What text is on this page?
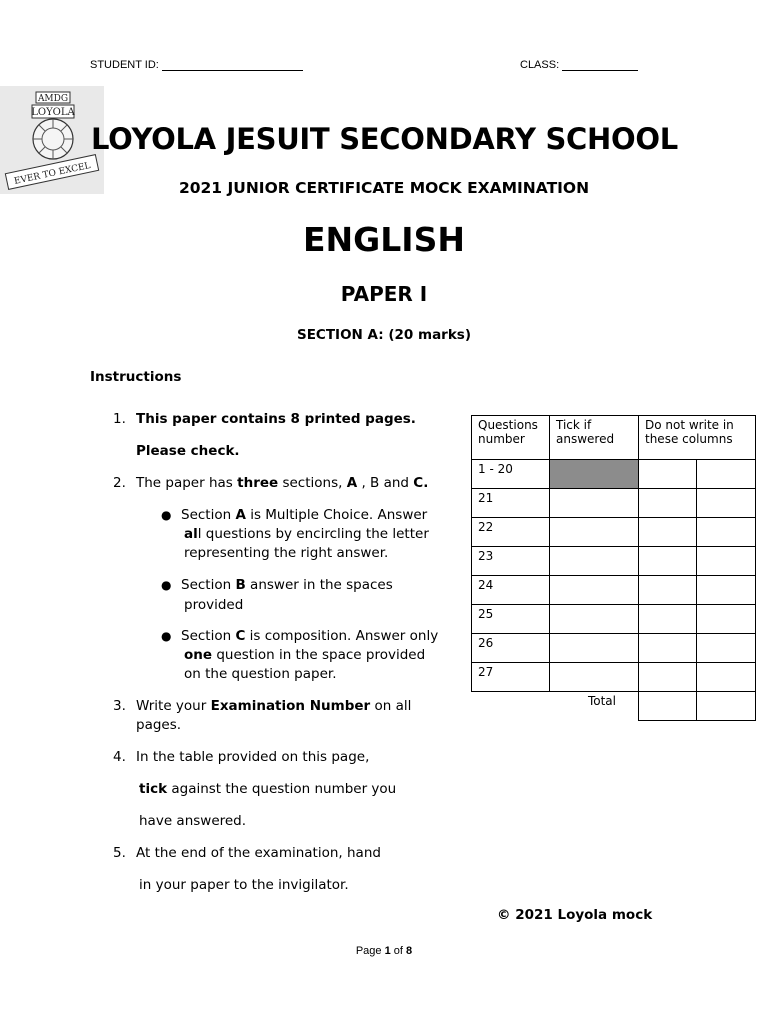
STUDENT ID:	CLASS:
AMDG
LOYOLA
EVER TO EXCEL
LOYOLA JESUIT SECONDARY SCHOOL
2021 JUNIOR CERTIFICATE MOCK EXAMINATION
ENGLISH
PAPER I
SECTION A: (20 marks)
Instructions
1. This paper contains 8 printed pages.
Please check.
2. The paper has three sections, A , B and C.
● Section A is Multiple Choice. Answer
all questions by encircling the letter
representing the right answer.
● Section B answer in the spaces
provided
● Section C is composition. Answer only
one question in the space provided
on the question paper.
3. Write your Examination Number on all
pages.
4. In the table provided on this page,
tick against the question number you
have answered.
5. At the end of the examination, hand
in your paper to the invigilator.
Questions number	Tick if answered	Do not write in these columns	
1 - 20			
21			
22			
23			
24			
25			
26			
27			
Total			
© 2021 Loyola mock
Page 1 of 8
